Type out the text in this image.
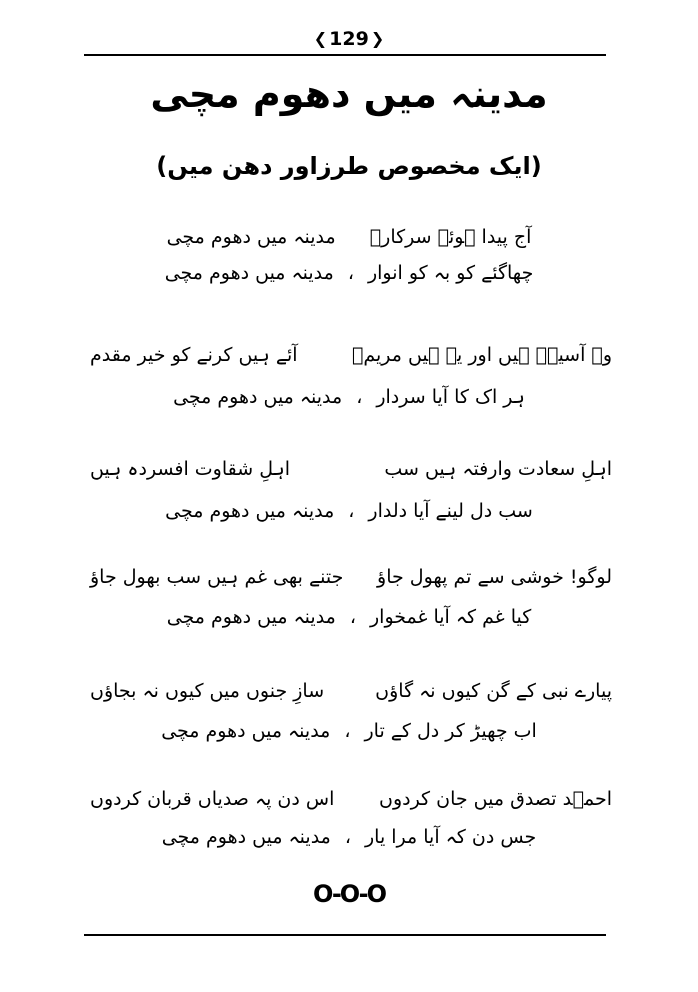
❮ 129 ❯
مدینہ میں دھوم مچی
(ایک مخصوص طرزاور دھن میں)
آج پیدا ہوئے سرکارؐ مدینہ میں دھوم مچی
چھاگئے کو بہ کو انوار،مدینہ میں دھوم مچی
وہ آسیہؓ ہیں اور یہ ہیں مریمؑ
آئے ہیں کرنے کو خیر مقدم
ہر اک کا آیا سردار،مدینہ میں دھوم مچی
اہلِ سعادت وارفتہ ہیں سب
اہلِ شقاوت افسردہ ہیں
سب دل لینے آیا دلدار،مدینہ میں دھوم مچی
لوگو! خوشی سے تم پھول جاؤ
جتنے بھی غم ہیں سب بھول جاؤ
کیا غم کہ آیا غمخوار،مدینہ میں دھوم مچی
پیارے نبی کے گن کیوں نہ گاؤں
سازِ جنوں میں کیوں نہ بجاؤں
اب چھیڑ کر دل کے تار،مدینہ میں دھوم مچی
احمؔد تصدق میں جان کردوں
اس دن پہ صدیاں قربان کردوں
جس دن کہ آیا مرا یار،مدینہ میں دھوم مچی
O-O-O
